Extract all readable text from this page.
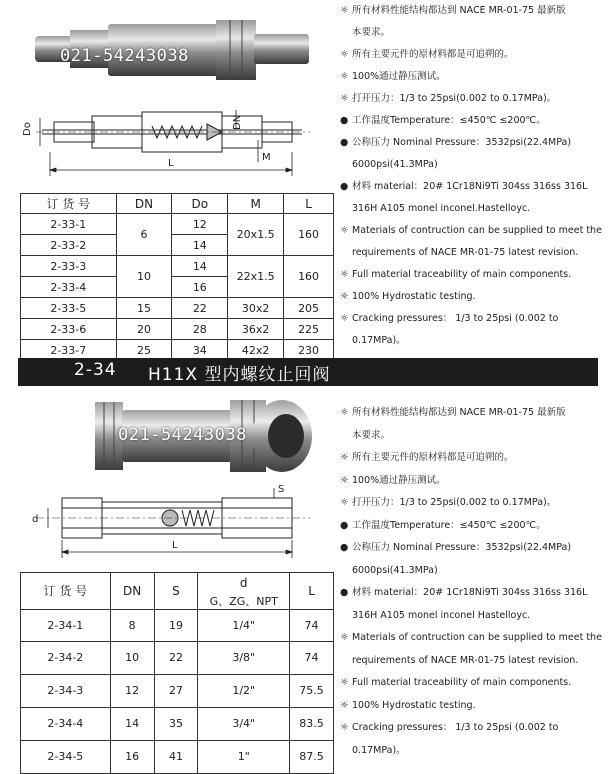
021-54243038
Do	DN
M
L
订 货 号	DN	Do	M	L
2-33-1	6	12	20x1.5	160
2-33-2		14		
2-33-3	10	14	22x1.5	160
2-33-4		16		
2-33-5	15	22	30x2	205
2-33-6	20	28	36x2	225
2-33-7	25	34	42x2	230
☼ 所有材料性能结构都达到 NACE MR-01-75 最新版
本要求。
☼ 所有主要元件的原材料都是可追朔的。
☼ 100%通过静压测试。
☼ 打开压力：1/3 to 25psi(0.002 to 0.17MPa)。
● 工作温度Temperature：≤450℃ ≤200℃。
● 公称压力 Nominal Pressure：3532psi(22.4MPa)
6000psi(41.3MPa)
● 材料 material：20# 1Cr18Ni9Ti 304ss 316ss 316L
316H A105 monel inconel.Hastelloyc.
☼ Materials of contruction can be supplied to meet the
requirements of NACE MR-01-75 latest revision.
☼ Full material traceability of main components.
☼ 100% Hydrostatic testing.
☼ Cracking pressures： 1/3 to 25psi (0.002 to
0.17MPa)。
2-34 H11X 型内螺纹止回阀
021-54243038
d
S
L
订 货 号	DN	S	d	L
			G、ZG、NPT	
2-34-1	8	19	1/4"	74
2-34-2	10	22	3/8"	74
2-34-3	12	27	1/2"	75.5
2-34-4	14	35	3/4"	83.5
2-34-5	16	41	1"	87.5
☼ 所有材料性能结构都达到 NACE MR-01-75 最新版
本要求。
☼ 所有主要元件的原材料都是可追朔的。
☼ 100%通过静压测试。
☼ 打开压力：1/3 to 25psi(0.002 to 0.17MPa)。
● 工作温度Temperature：≤450℃ ≤200℃。
● 公称压力 Nominal Pressure：3532psi(22.4MPa)
6000psi(41.3MPa)
● 材料 material：20# 1Cr18Ni9Ti 304ss 316ss 316L
316H A105 monel inconel Hastelloyc.
☼ Materials of contruction can be supplied to meet the
requirements of NACE MR-01-75 latest revision.
☼ Full material traceability of main components.
☼ 100% Hydrostatic testing.
☼ Cracking pressures： 1/3 to 25psi (0.002 to
0.17MPa)。
